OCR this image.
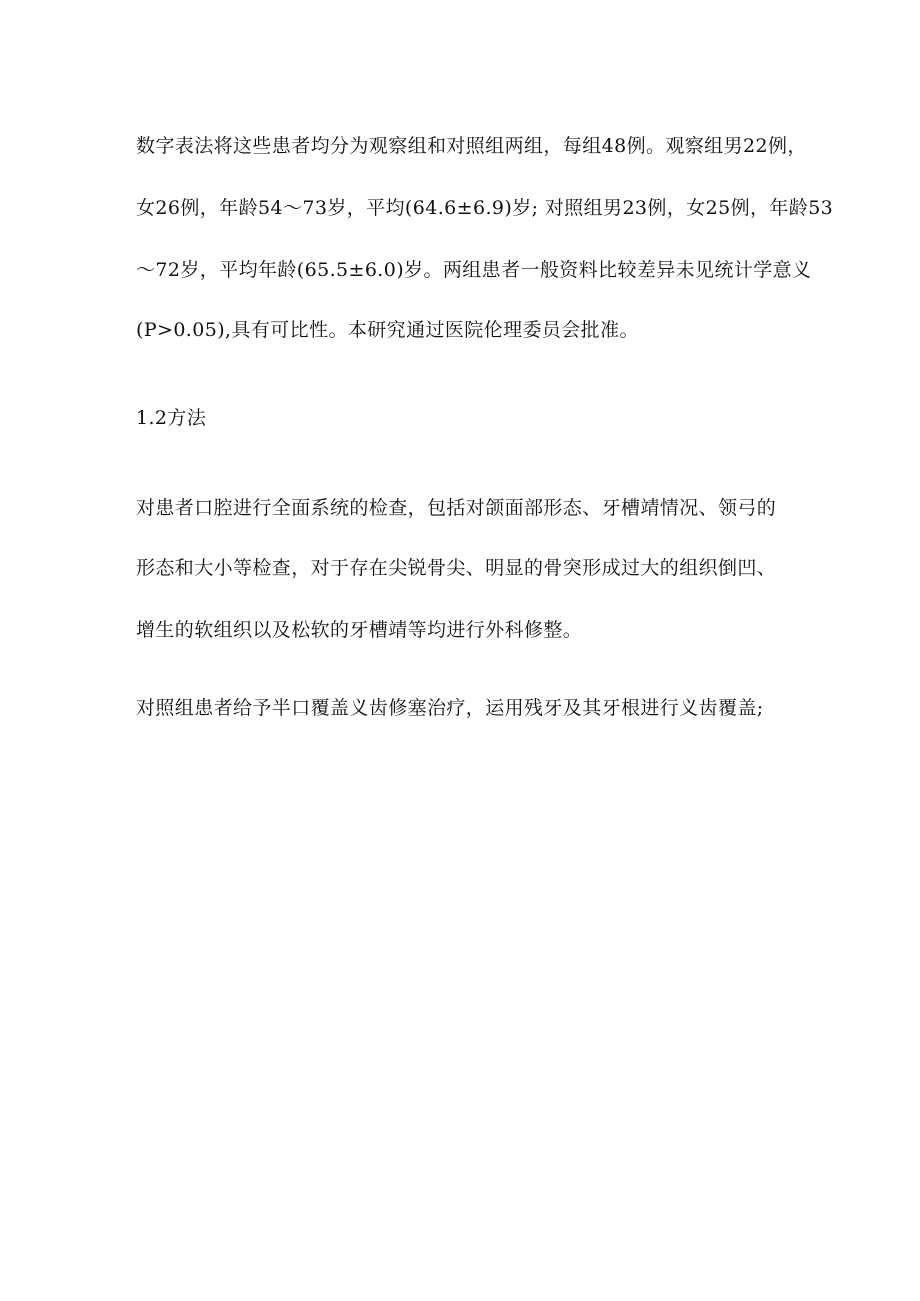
数字表法将这些患者均分为观察组和对照组两组，每组48例。观察组男22例，
女26例，年龄54～73岁，平均(64.6±6.9)岁; 对照组男23例，女25例，年龄53
～72岁，平均年龄(65.5±6.0)岁。两组患者一般资料比较差异未见统计学意义
(P>0.05),具有可比性。本研究通过医院伦理委员会批准。
1.2方法
对患者口腔进行全面系统的检查，包括对颌面部形态、牙槽靖情况、领弓的
形态和大小等检查，对于存在尖锐骨尖、明显的骨突形成过大的组织倒凹、
增生的软组织以及松软的牙槽靖等均进行外科修整。
对照组患者给予半口覆盖义齿修塞治疗，运用残牙及其牙根进行义齿覆盖;
